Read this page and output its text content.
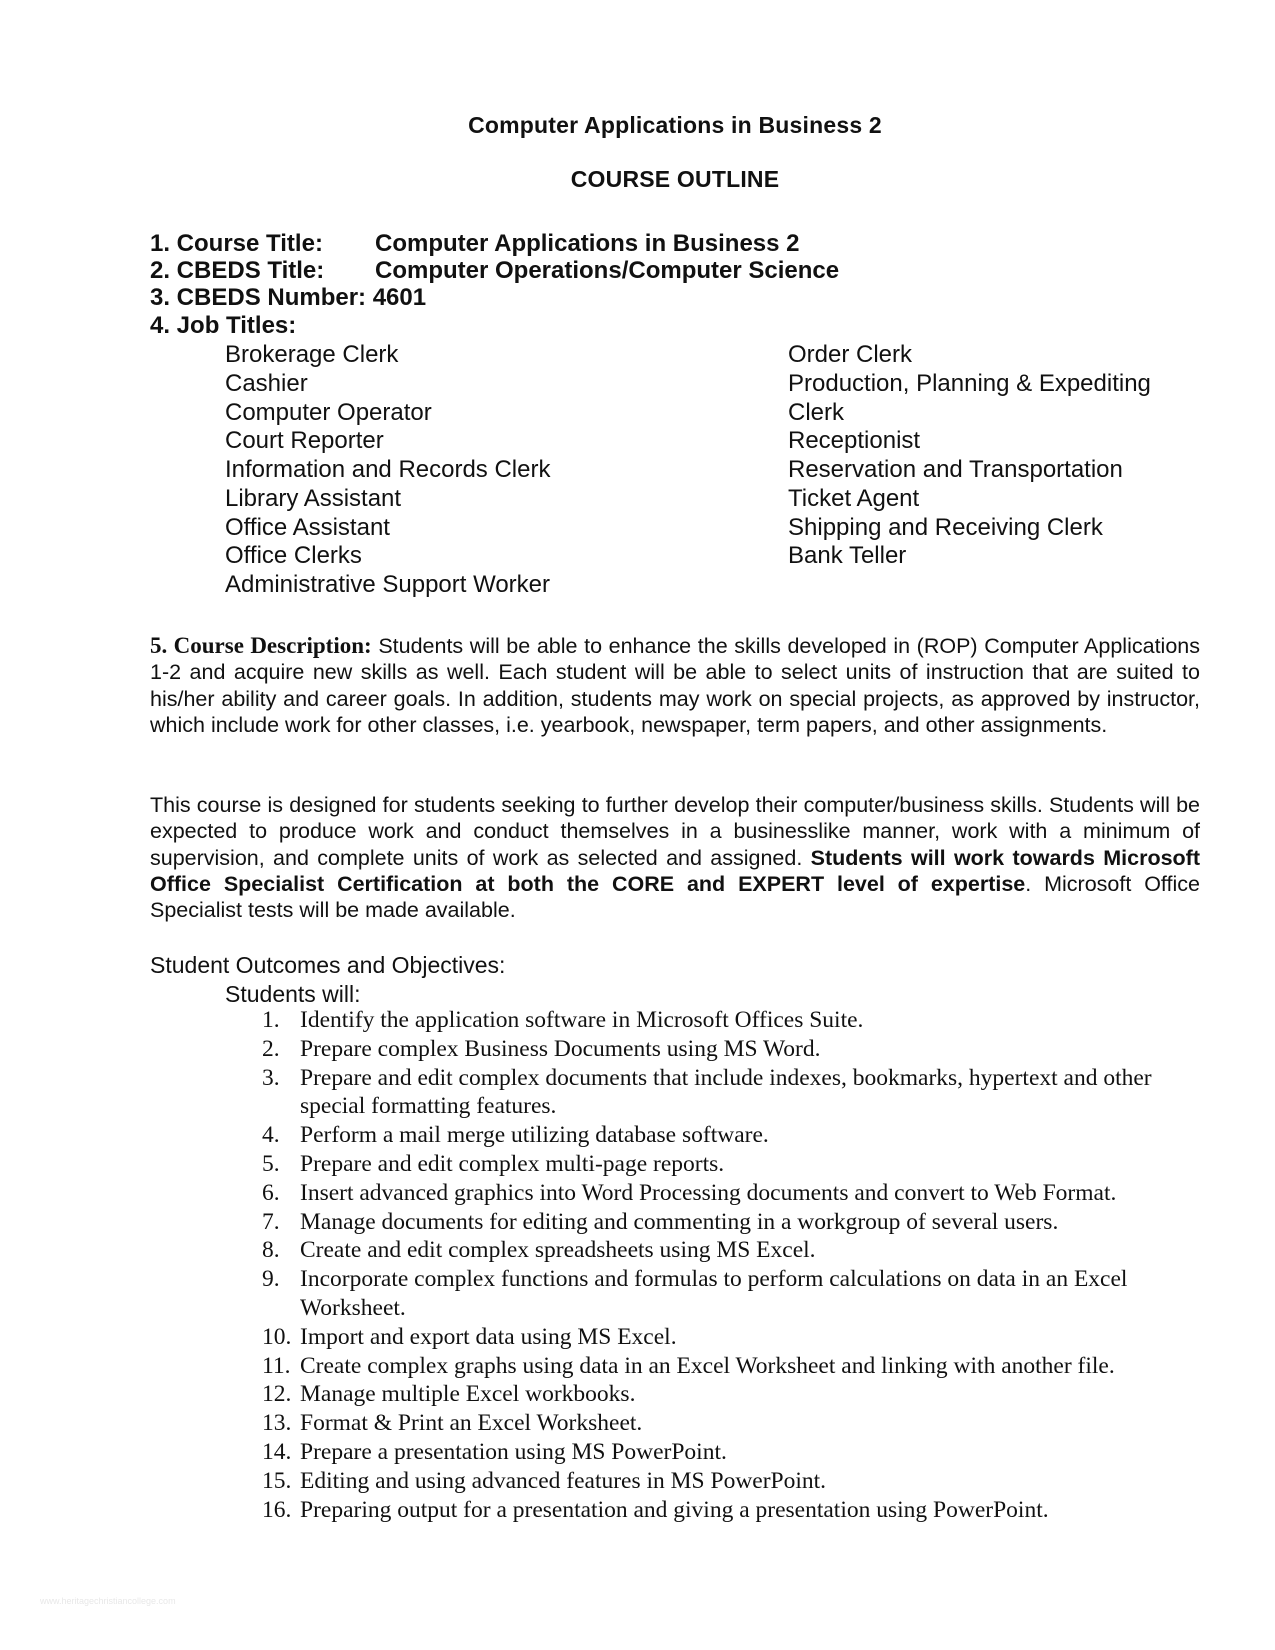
Computer Applications in Business 2
COURSE OUTLINE
1. Course Title: Computer Applications in Business 2
2. CBEDS Title: Computer Operations/Computer Science
3. CBEDS Number: 4601
4. Job Titles:
Brokerage Clerk
Cashier
Computer Operator
Court Reporter
Information and Records Clerk
Library Assistant
Office Assistant
Office Clerks
Administrative Support Worker
Order Clerk
Production, Planning & Expediting
Clerk
Receptionist
Reservation and Transportation
Ticket Agent
Shipping and Receiving Clerk
Bank Teller
5. Course Description: Students will be able to enhance the skills developed in (ROP) Computer Applications 1-2 and acquire new skills as well. Each student will be able to select units of instruction that are suited to his/her ability and career goals. In addition, students may work on special projects, as approved by instructor, which include work for other classes, i.e. yearbook, newspaper, term papers, and other assignments.
This course is designed for students seeking to further develop their computer/business skills. Students will be expected to produce work and conduct themselves in a businesslike manner, work with a minimum of supervision, and complete units of work as selected and assigned. Students will work towards Microsoft Office Specialist Certification at both the CORE and EXPERT level of expertise. Microsoft Office Specialist tests will be made available.
Student Outcomes and Objectives:
Students will:
1. Identify the application software in Microsoft Offices Suite.
2. Prepare complex Business Documents using MS Word.
3. Prepare and edit complex documents that include indexes, bookmarks, hypertext and other special formatting features.
4. Perform a mail merge utilizing database software.
5. Prepare and edit complex multi-page reports.
6. Insert advanced graphics into Word Processing documents and convert to Web Format.
7. Manage documents for editing and commenting in a workgroup of several users.
8. Create and edit complex spreadsheets using MS Excel.
9. Incorporate complex functions and formulas to perform calculations on data in an Excel Worksheet.
10. Import and export data using MS Excel.
11. Create complex graphs using data in an Excel Worksheet and linking with another file.
12. Manage multiple Excel workbooks.
13. Format & Print an Excel Worksheet.
14. Prepare a presentation using MS PowerPoint.
15. Editing and using advanced features in MS PowerPoint.
16. Preparing output for a presentation and giving a presentation using PowerPoint.
www.heritagechristiancollege.com
